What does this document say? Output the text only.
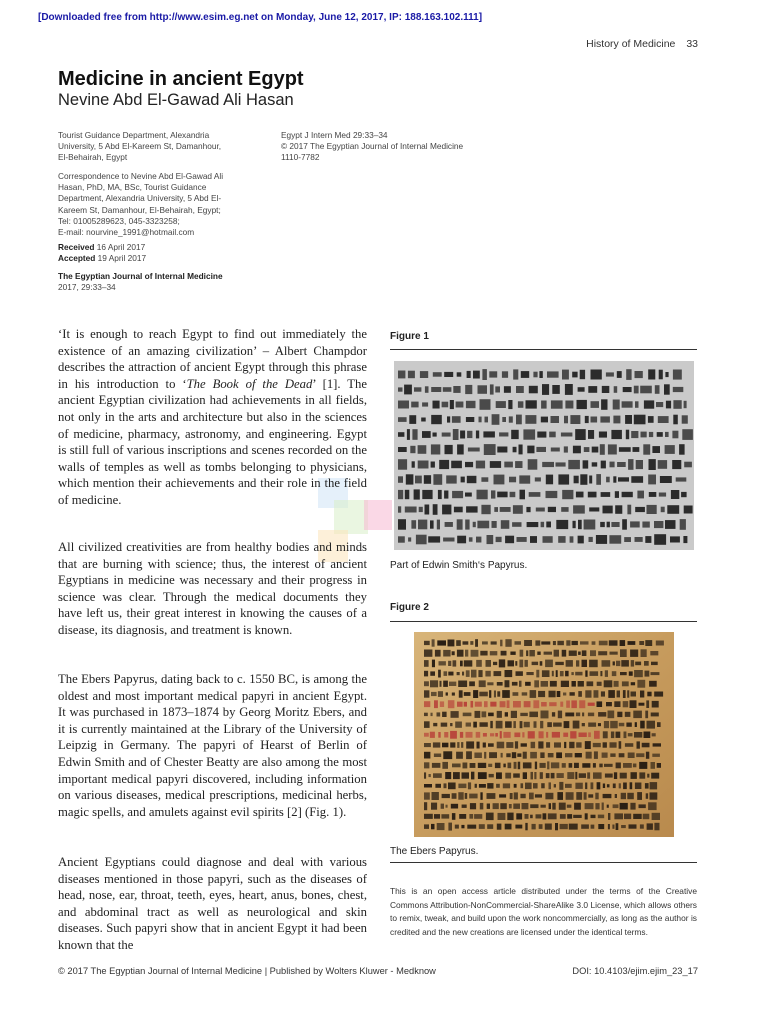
[Downloaded free from http://www.esim.eg.net on Monday, June 12, 2017, IP: 188.163.102.111]
History of Medicine 33
Medicine in ancient Egypt
Nevine Abd El-Gawad Ali Hasan
Tourist Guidance Department, Alexandria
University, 5 Abd El-Kareem St, Damanhour,
El-Behairah, Egypt
Correspondence to Nevine Abd El-Gawad Ali
Hasan, PhD, MA, BSc, Tourist Guidance
Department, Alexandria University, 5 Abd El-
Kareem St, Damanhour, El-Behairah, Egypt;
Tel: 01005289623, 045-3323258;
E-mail: nourvine_1991@hotmail.com
Received 16 April 2017
Accepted 19 April 2017
The Egyptian Journal of Internal Medicine
2017, 29:33–34
Egypt J Intern Med 29:33–34
© 2017 The Egyptian Journal of Internal Medicine
1110-7782

‘It is enough to reach Egypt to find out immediately the existence of an amazing civilization’ – Albert Champdor describes the attraction of ancient Egypt through this phrase in his introduction to ‘The Book of the Dead’ [1]. The ancient Egyptian civilization had achievements in all fields, not only in the arts and architecture but also in the sciences of medicine, pharmacy, astronomy, and engineering. Egypt is still full of various inscriptions and scenes recorded on the walls of temples as well as tombs belonging to physicians, which mention their achievements and their role in the field of medicine.

All civilized creativities are from healthy bodies and minds that are burning with science; thus, the interest of ancient Egyptians in medicine was necessary and their progress in science was clear. Through the medical documents they have left us, their great interest in knowing the causes of a disease, its diagnosis, and treatment is known.

The Ebers Papyrus, dating back to c. 1550 BC, is among the oldest and most important medical papyri in ancient Egypt. It was purchased in 1873–1874 by Georg Moritz Ebers, and it is currently maintained at the Library of the University of Leipzig in Germany. The papyri of Hearst of Berlin of Edwin Smith and of Chester Beatty are also among the most important medical papyri discovered, including information on various diseases, medical prescriptions, medicinal herbs, magic spells, and amulets against evil spirits [2] (Fig. 1).

Ancient Egyptians could diagnose and deal with various diseases mentioned in those papyri, such as the diseases of head, nose, ear, throat, teeth, eyes, heart, anus, bones, chest, and abdominal tract as well as neurological and skin diseases. Such papyri show that in ancient Egypt it had been known that the

Figure 1
Part of Edwin Smith‘s Papyrus.
Figure 2
The Ebers Papyrus.
This is an open access article distributed under the terms of the Creative Commons Attribution-NonCommercial-ShareAlike 3.0 License, which allows others to remix, tweak, and build upon the work noncommercially, as long as the author is credited and the new creations are licensed under the identical terms.
© 2017 The Egyptian Journal of Internal Medicine | Published by Wolters Kluwer - Medknow	DOI: 10.4103/ejim.ejim_23_17
